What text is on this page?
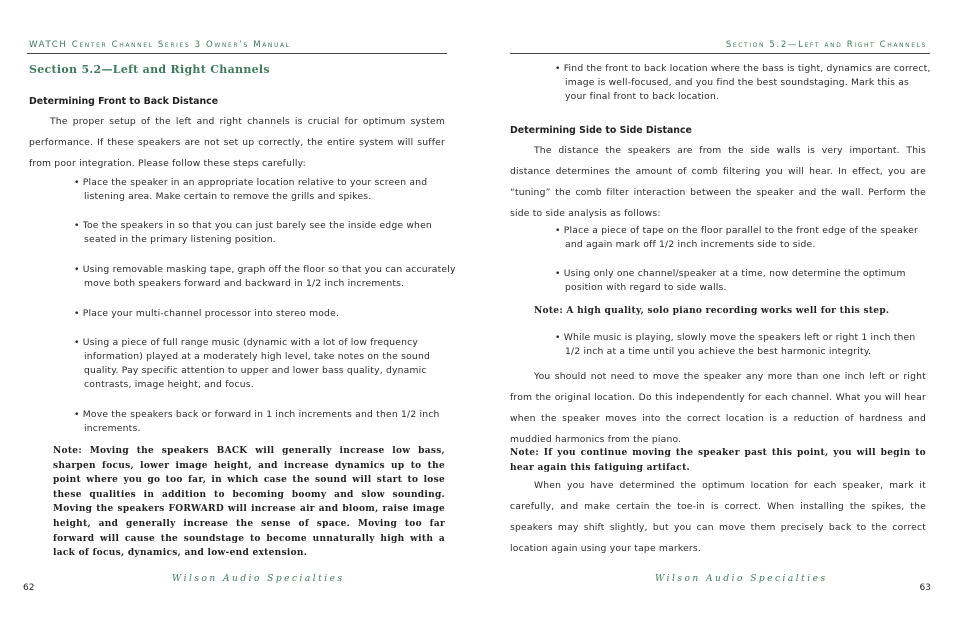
WATCH Center Channel Series 3 Owner’s Manual
Section 5.2—Left and Right Channels
Determining Front to Back Distance

The proper setup of the left and right channels is crucial for optimum system performance. If these speakers are not set up correctly, the entire system will suffer from poor integration. Please follow these steps carefully:

• Place the speaker in an appropriate location relative to your screen and listening area. Make certain to remove the grills and spikes.
• Toe the speakers in so that you can just barely see the inside edge when seated in the primary listening position.
• Using removable masking tape, graph off the floor so that you can accurately move both speakers forward and backward in 1/2 inch increments.
• Place your multi-channel processor into stereo mode.
• Using a piece of full range music (dynamic with a lot of low frequency information) played at a moderately high level, take notes on the sound quality. Pay specific attention to upper and lower bass quality, dynamic contrasts, image height, and focus.
• Move the speakers back or forward in 1 inch increments and then 1/2 inch increments.
Note: Moving the speakers BACK will generally increase low bass, sharpen focus, lower image height, and increase dynamics up to the point where you go too far, in which case the sound will start to lose these qualities in addition to becoming boomy and slow sounding. Moving the speakers FORWARD will increase air and bloom, raise image height, and generally increase the sense of space. Moving too far forward will cause the soundstage to become unnaturally high with a lack of focus, dynamics, and low-end extension.
Wilson Audio Specialties
62
Section 5.2—Left and Right Channels
• Find the front to back location where the bass is tight, dynamics are correct, image is well-focused, and you find the best soundstaging. Mark this as your final front to back location.
Determining Side to Side Distance

The distance the speakers are from the side walls is very important. This distance determines the amount of comb filtering you will hear. In effect, you are “tuning” the comb filter interaction between the speaker and the wall. Perform the side to side analysis as follows:

• Place a piece of tape on the floor parallel to the front edge of the speaker and again mark off 1/2 inch increments side to side.
• Using only one channel/speaker at a time, now determine the optimum position with regard to side walls.
Note: A high quality, solo piano recording works well for this step.
• While music is playing, slowly move the speakers left or right 1 inch then 1/2 inch at a time until you achieve the best harmonic integrity.

You should not need to move the speaker any more than one inch left or right from the original location. Do this independently for each channel. What you will hear when the speaker moves into the correct location is a reduction of hardness and muddied harmonics from the piano.

Note: If you continue moving the speaker past this point, you will begin to hear again this fatiguing artifact.

When you have determined the optimum location for each speaker, mark it carefully, and make certain the toe-in is correct. When installing the spikes, the speakers may shift slightly, but you can move them precisely back to the correct location again using your tape markers.

Wilson Audio Specialties
63
